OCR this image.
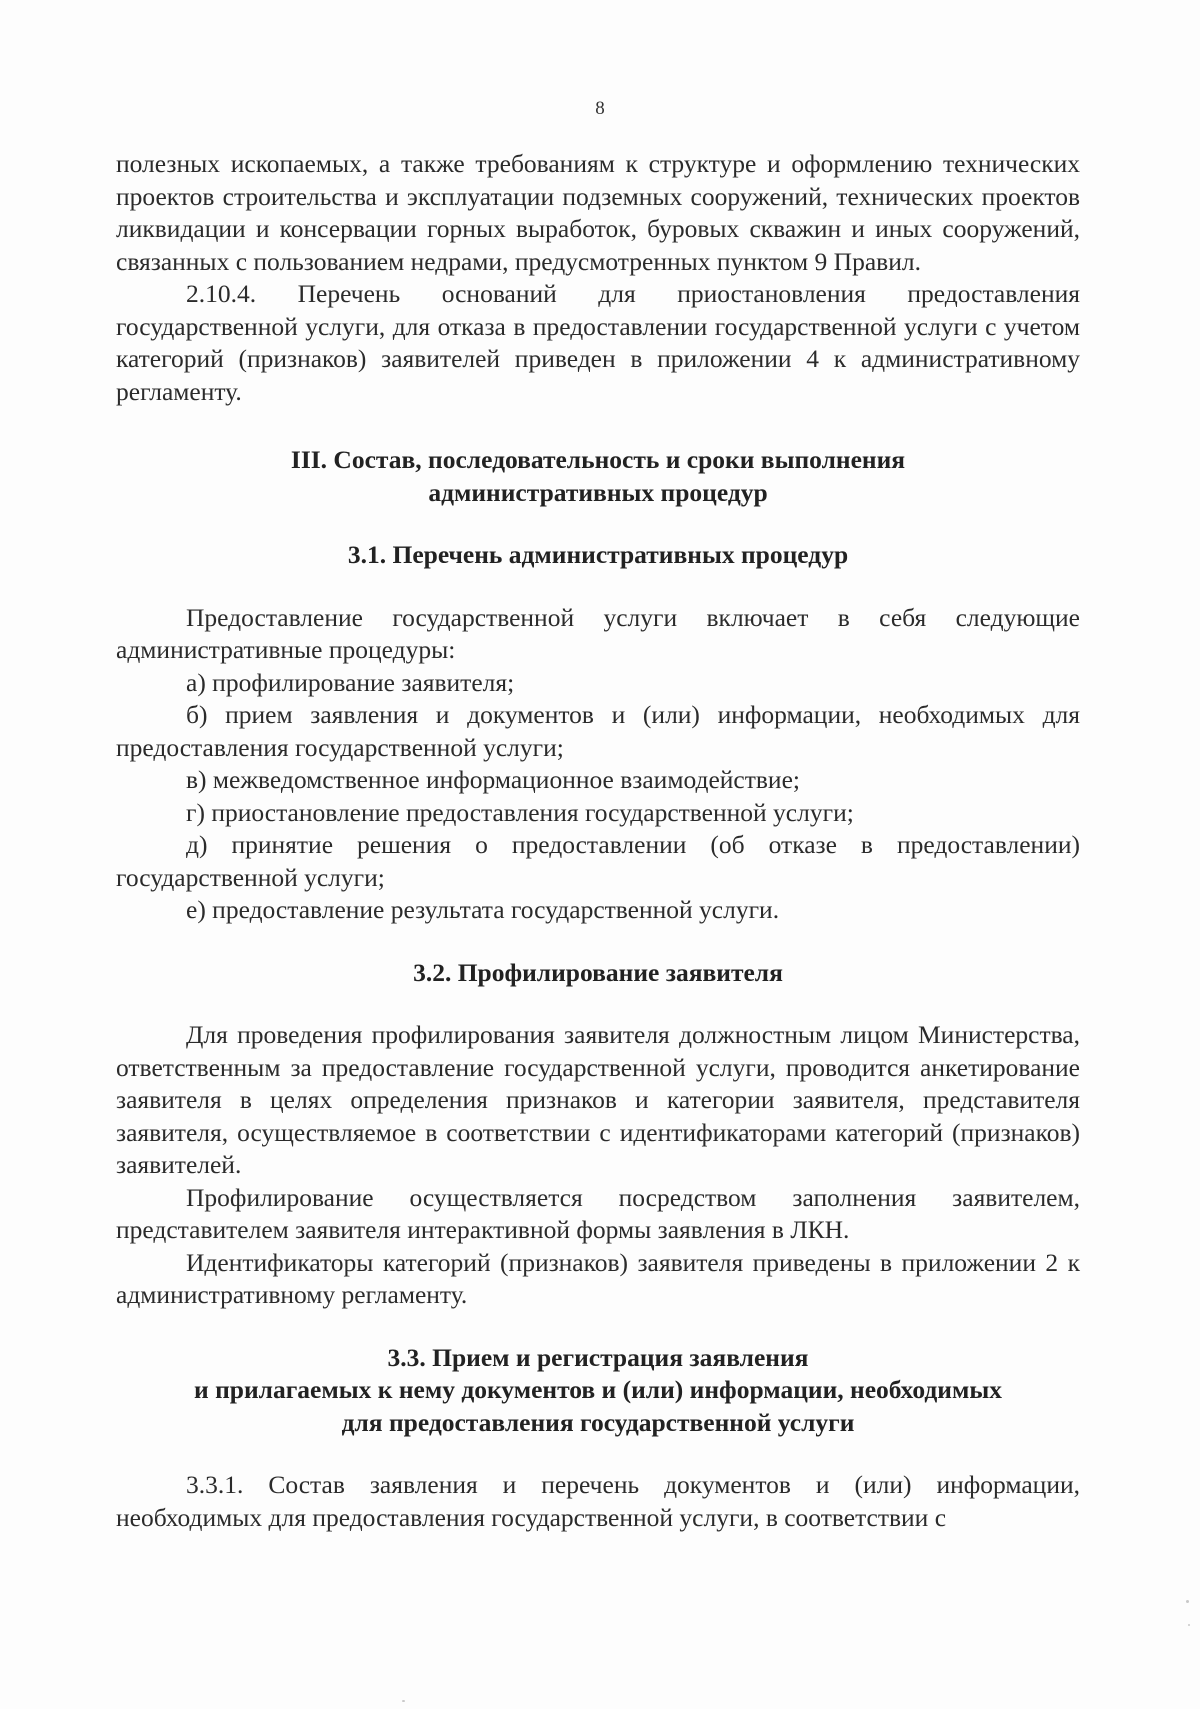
8

полезных ископаемых, а также требованиям к структуре и оформлению технических проектов строительства и эксплуатации подземных сооружений, технических проектов ликвидации и консервации горных выработок, буровых скважин и иных сооружений, связанных с пользованием недрами, предусмотренных пунктом 9 Правил.

2.10.4. Перечень оснований для приостановления предоставления государственной услуги, для отказа в предоставлении государственной услуги с учетом категорий (признаков) заявителей приведен в приложении 4 к административному регламенту.

III. Состав, последовательность и сроки выполнения
административных процедур
3.1. Перечень административных процедур

Предоставление государственной услуги включает в себя следующие административные процедуры:

а) профилирование заявителя;

б) прием заявления и документов и (или) информации, необходимых для предоставления государственной услуги;

в) межведомственное информационное взаимодействие;

г) приостановление предоставления государственной услуги;

д) принятие решения о предоставлении (об отказе в предоставлении) государственной услуги;

е) предоставление результата государственной услуги.

3.2. Профилирование заявителя

Для проведения профилирования заявителя должностным лицом Министерства, ответственным за предоставление государственной услуги, проводится анкетирование заявителя в целях определения признаков и категории заявителя, представителя заявителя, осуществляемое в соответствии с идентификаторами категорий (признаков) заявителей.

Профилирование осуществляется посредством заполнения заявителем, представителем заявителя интерактивной формы заявления в ЛКН.

Идентификаторы категорий (признаков) заявителя приведены в приложении 2 к административному регламенту.

3.3. Прием и регистрация заявления
и прилагаемых к нему документов и (или) информации, необходимых
для предоставления государственной услуги

3.3.1. Состав заявления и перечень документов и (или) информации, необходимых для предоставления государственной услуги, в соответствии с
